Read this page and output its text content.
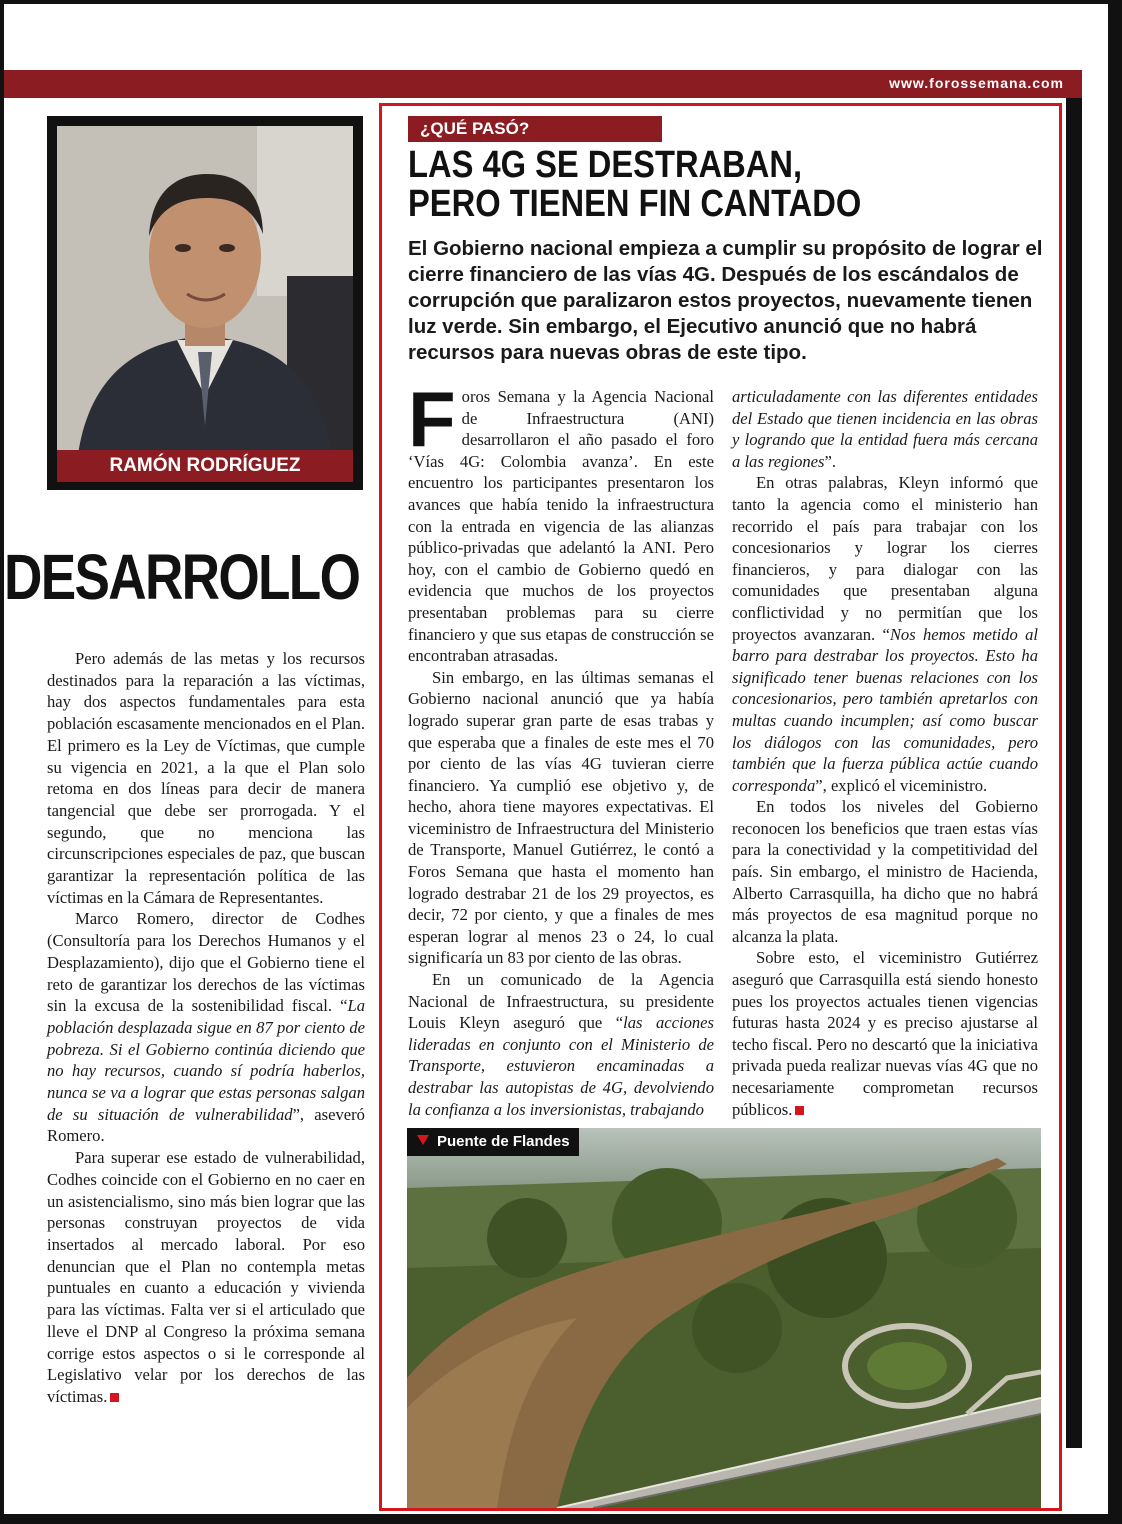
www.forossemana.com
RAMÓN RODRÍGUEZ
DESARROLLO

Pero además de las metas y los recursos destinados para la reparación a las víctimas, hay dos aspectos fundamentales para esta población escasamente mencionados en el Plan. El primero es la Ley de Víctimas, que cumple su vigencia en 2021, a la que el Plan solo retoma en dos líneas para decir de manera tangencial que debe ser prorrogada. Y el segundo, que no menciona las circunscripciones especiales de paz, que buscan garantizar la representación política de las víctimas en la Cámara de Representantes.

Marco Romero, director de Codhes (Consultoría para los Derechos Humanos y el Desplazamiento), dijo que el Gobierno tiene el reto de garantizar los derechos de las víctimas sin la excusa de la sostenibilidad fiscal. “La población desplazada sigue en 87 por ciento de pobreza. Si el Gobierno continúa diciendo que no hay recursos, cuando sí podría haberlos, nunca se va a lograr que estas personas salgan de su situación de vulnerabilidad”, aseveró Romero.

Para superar ese estado de vulnerabilidad, Codhes coincide con el Gobierno en no caer en un asistencialismo, sino más bien lograr que las personas construyan proyectos de vida insertados al mercado laboral. Por eso denuncian que el Plan no contempla metas puntuales en cuanto a educación y vivienda para las víctimas. Falta ver si el articulado que lleve el DNP al Congreso la próxima semana corrige estos aspectos o si le corresponde al Legislativo velar por los derechos de las víctimas.

¿QUÉ PASÓ?
LAS 4G SE DESTRABAN,
PERO TIENEN FIN CANTADO

El Gobierno nacional empieza a cumplir su propósito de lograr el cierre financiero de las vías 4G. Después de los escándalos de corrupción que paralizaron estos proyectos, nuevamente tienen luz verde. Sin embargo, el Ejecutivo anunció que no habrá recursos para nuevas obras de este tipo.

Foros Semana y la Agencia Nacional de Infraestructura (ANI) desarrollaron el año pasado el foro ‘Vías 4G: Colombia avanza’. En este encuentro los participantes presentaron los avances que había tenido la infraestructura con la entrada en vigencia de las alianzas público-privadas que adelantó la ANI. Pero hoy, con el cambio de Gobierno quedó en evidencia que muchos de los proyectos presentaban problemas para su cierre financiero y que sus etapas de construcción se encontraban atrasadas.

Sin embargo, en las últimas semanas el Gobierno nacional anunció que ya había logrado superar gran parte de esas trabas y que esperaba que a finales de este mes el 70 por ciento de las vías 4G tuvieran cierre financiero. Ya cumplió ese objetivo y, de hecho, ahora tiene mayores expectativas. El viceministro de Infraestructura del Ministerio de Transporte, Manuel Gutiérrez, le contó a Foros Semana que hasta el momento han logrado destrabar 21 de los 29 proyectos, es decir, 72 por ciento, y que a finales de mes esperan lograr al menos 23 o 24, lo cual significaría un 83 por ciento de las obras.

En un comunicado de la Agencia Nacional de Infraestructura, su presidente Louis Kleyn aseguró que “las acciones lideradas en conjunto con el Ministerio de Transporte, estuvieron encaminadas a destrabar las autopistas de 4G, devolviendo la confianza a los inversionistas, trabajando

articuladamente con las diferentes entidades del Estado que tienen incidencia en las obras y logrando que la entidad fuera más cercana a las regiones”.

En otras palabras, Kleyn informó que tanto la agencia como el ministerio han recorrido el país para trabajar con los concesionarios y lograr los cierres financieros, y para dialogar con las comunidades que presentaban alguna conflictividad y no permitían que los proyectos avanzaran. “Nos hemos metido al barro para destrabar los proyectos. Esto ha significado tener buenas relaciones con los concesionarios, pero también apretarlos con multas cuando incumplen; así como buscar los diálogos con las comunidades, pero también que la fuerza pública actúe cuando corresponda”, explicó el viceministro.

En todos los niveles del Gobierno reconocen los beneficios que traen estas vías para la conectividad y la competitividad del país. Sin embargo, el ministro de Hacienda, Alberto Carrasquilla, ha dicho que no habrá más proyectos de esa magnitud porque no alcanza la plata.

Sobre esto, el viceministro Gutiérrez aseguró que Carrasquilla está siendo honesto pues los proyectos actuales tienen vigencias futuras hasta 2024 y es preciso ajustarse al techo fiscal. Pero no descartó que la iniciativa privada pueda realizar nuevas vías 4G que no necesariamente comprometan recursos públicos.

Puente de Flandes
